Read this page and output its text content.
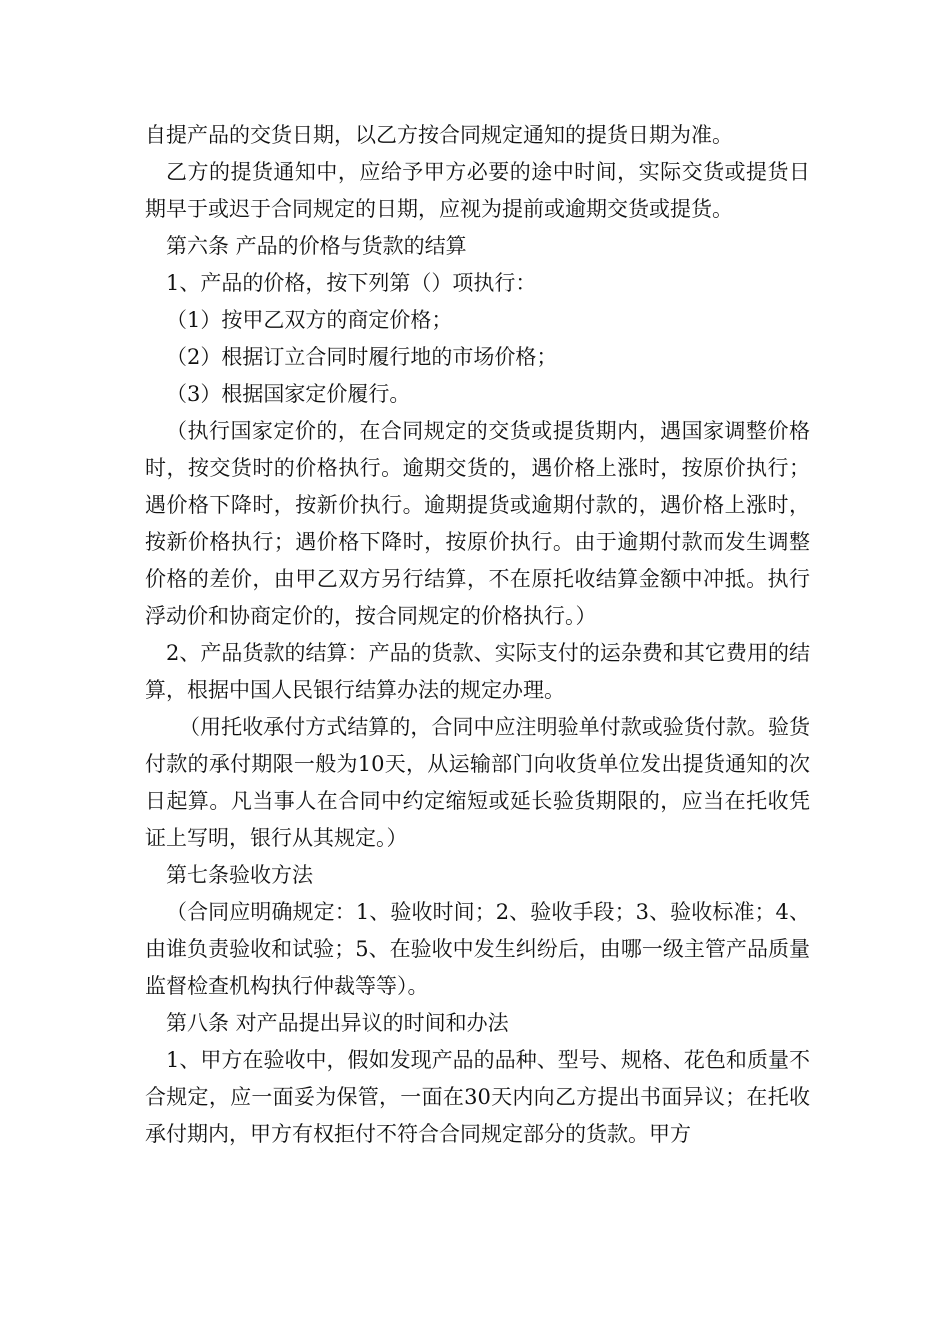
自提产品的交货日期，以乙方按合同规定通知的提货日期为准。

乙方的提货通知中，应给予甲方必要的途中时间，实际交货或提货日期早于或迟于合同规定的日期，应视为提前或逾期交货或提货。

第六条 产品的价格与货款的结算

1、产品的价格，按下列第（）项执行：

（1）按甲乙双方的商定价格；

（2）根据订立合同时履行地的市场价格；

（3）根据国家定价履行。

（执行国家定价的，在合同规定的交货或提货期内，遇国家调整价格时，按交货时的价格执行。逾期交货的，遇价格上涨时，按原价执行；遇价格下降时，按新价执行。逾期提货或逾期付款的，遇价格上涨时，按新价格执行；遇价格下降时，按原价执行。由于逾期付款而发生调整价格的差价，由甲乙双方另行结算，不在原托收结算金额中冲抵。执行浮动价和协商定价的，按合同规定的价格执行。）

2、产品货款的结算：产品的货款、实际支付的运杂费和其它费用的结算，根据中国人民银行结算办法的规定办理。

（用托收承付方式结算的，合同中应注明验单付款或验货付款。验货付款的承付期限一般为10天，从运输部门向收货单位发出提货通知的次日起算。凡当事人在合同中约定缩短或延长验货期限的，应当在托收凭证上写明，银行从其规定。）

第七条验收方法

（合同应明确规定：1、验收时间；2、验收手段；3、验收标准；4、由谁负责验收和试验；5、在验收中发生纠纷后，由哪一级主管产品质量监督检查机构执行仲裁等等）。

第八条 对产品提出异议的时间和办法

1、甲方在验收中，假如发现产品的品种、型号、规格、花色和质量不合规定，应一面妥为保管，一面在30天内向乙方提出书面异议；在托收承付期内，甲方有权拒付不符合合同规定部分的货款。甲方
